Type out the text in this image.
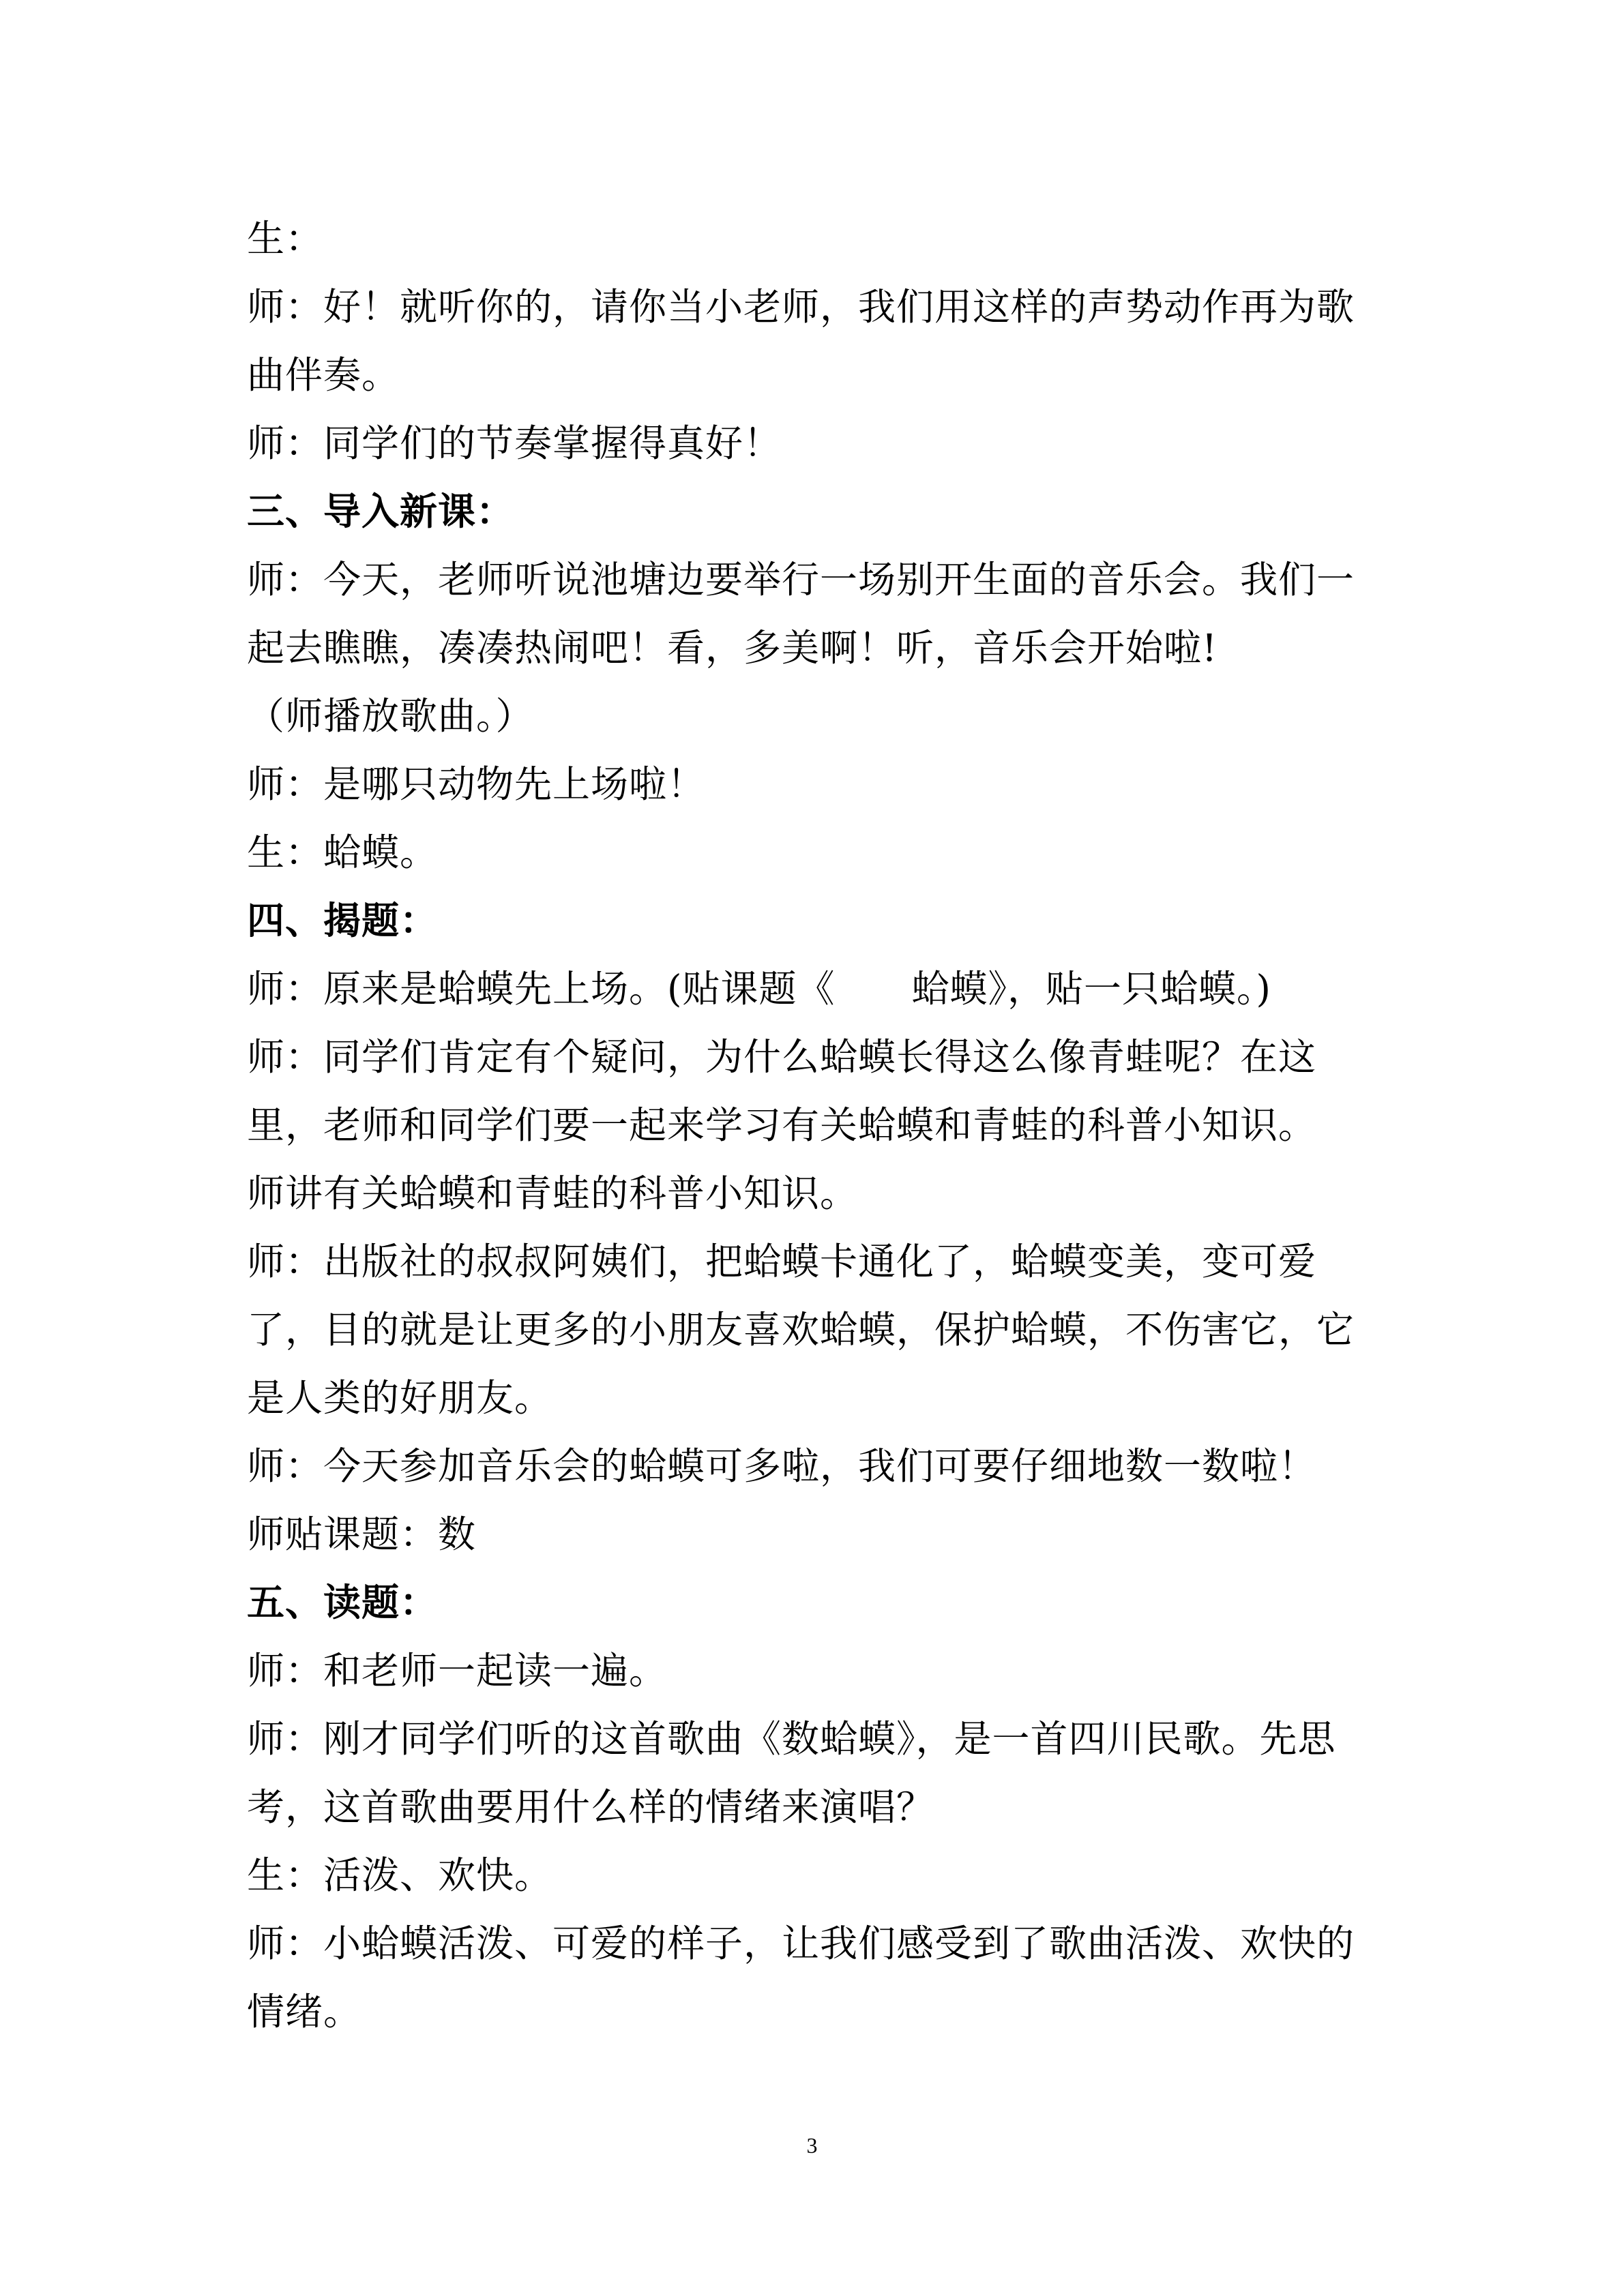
生：
师：好！就听你的，请你当小老师，我们用这样的声势动作再为歌
曲伴奏。
师：同学们的节奏掌握得真好！
三、导入新课：
师：今天，老师听说池塘边要举行一场别开生面的音乐会。我们一
起去瞧瞧，凑凑热闹吧！看，多美啊！听，音乐会开始啦!
（师播放歌曲。）
师：是哪只动物先上场啦！
生：蛤蟆。
四、揭题：
师：原来是蛤蟆先上场。(贴课题《　　蛤蟆》，贴一只蛤蟆。)
师：同学们肯定有个疑问，为什么蛤蟆长得这么像青蛙呢？在这
里，老师和同学们要一起来学习有关蛤蟆和青蛙的科普小知识。
师讲有关蛤蟆和青蛙的科普小知识。
师：出版社的叔叔阿姨们，把蛤蟆卡通化了，蛤蟆变美，变可爱
了，目的就是让更多的小朋友喜欢蛤蟆，保护蛤蟆，不伤害它，它
是人类的好朋友。
师：今天参加音乐会的蛤蟆可多啦，我们可要仔细地数一数啦！
师贴课题：数
五、读题：
师：和老师一起读一遍。
师：刚才同学们听的这首歌曲《数蛤蟆》，是一首四川民歌。先思
考，这首歌曲要用什么样的情绪来演唱？
生：活泼、欢快。
师：小蛤蟆活泼、可爱的样子，让我们感受到了歌曲活泼、欢快的
情绪。
3
